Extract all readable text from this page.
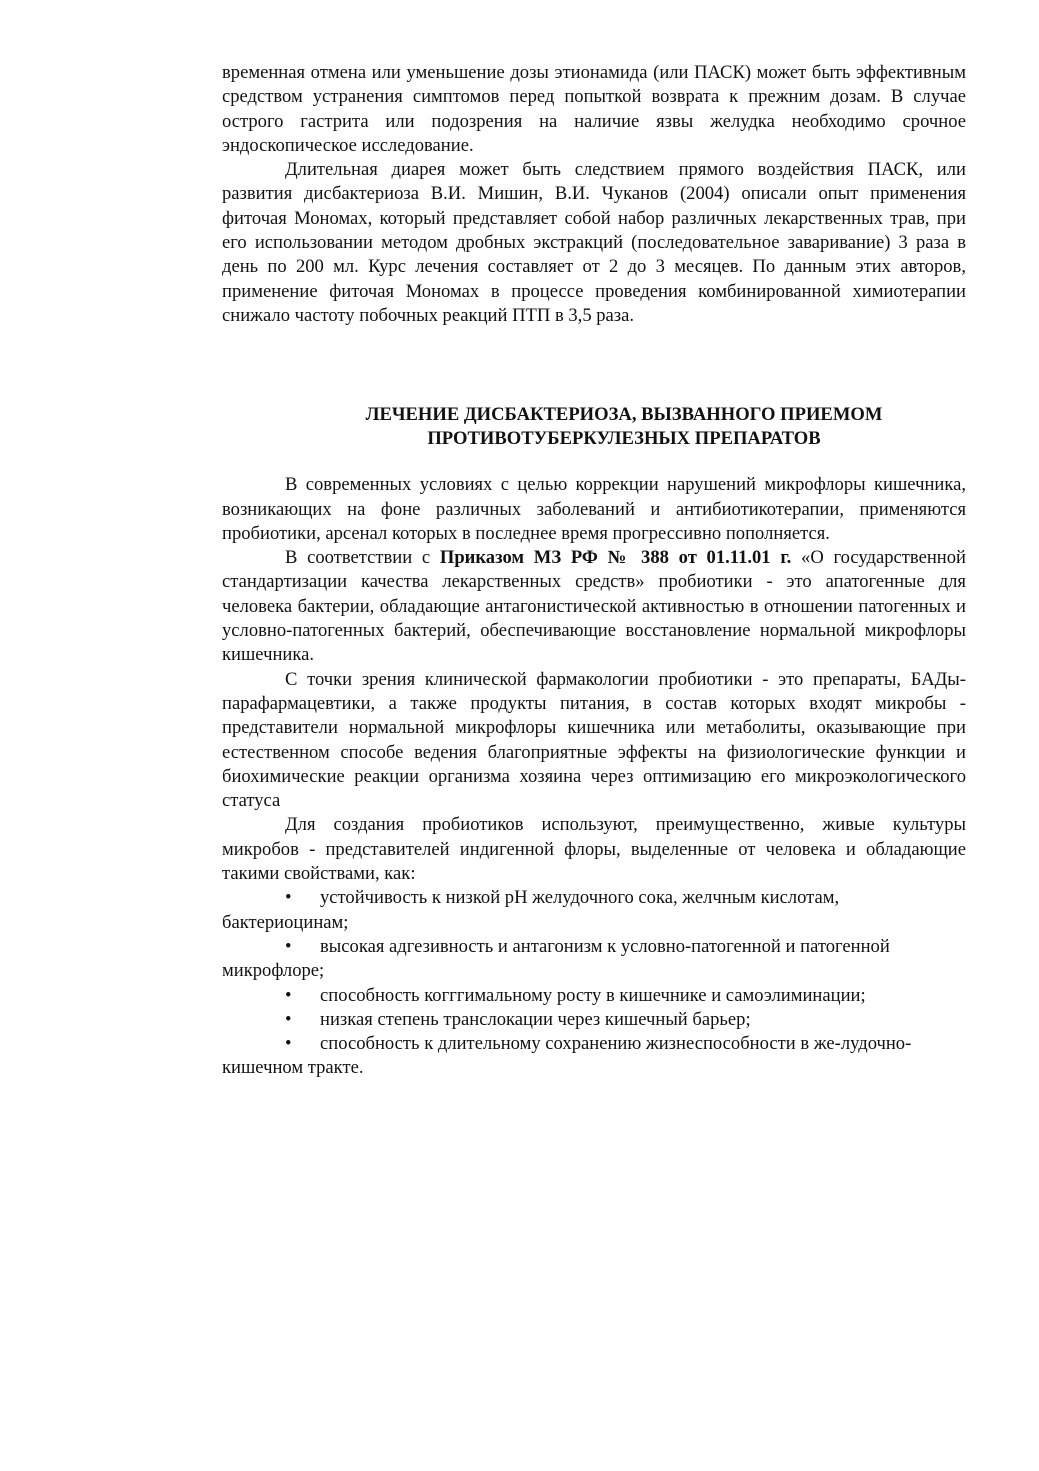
временная отмена или уменьшение дозы этионамида (или ПАСК) может быть эффективным средством устранения симптомов перед попыткой возврата к прежним дозам. В случае острого гастрита или подозрения на наличие язвы желудка необходимо срочное эндоскопическое исследование.

Длительная диарея может быть следствием прямого воздействия ПАСК, или развития дисбактериоза В.И. Мишин, В.И. Чуканов (2004) описали опыт применения фиточая Мономах, который представляет собой набор различных лекарственных трав, при его использовании методом дробных экстракций (последовательное заваривание) 3 раза в день по 200 мл. Курс лечения составляет от 2 до 3 месяцев. По данным этих авторов, применение фиточая Мономах в процессе проведения комбинированной химиотерапии снижало частоту побочных реакций ПТП в 3,5 раза.

ЛЕЧЕНИЕ ДИСБАКТЕРИОЗА, ВЫЗВАННОГО ПРИЕМОМ
ПРОТИВОТУБЕРКУЛЕЗНЫХ ПРЕПАРАТОВ

В современных условиях с целью коррекции нарушений микрофлоры кишечника, возникающих на фоне различных заболеваний и антибиотикотерапии, применяются пробиотики, арсенал которых в последнее время прогрессивно пополняется.

В соответствии с Приказом МЗ РФ № 388 от 01.11.01 г. «О государственной стандартизации качества лекарственных средств» пробиотики - это апатогенные для человека бактерии, обладающие антагонистической активностью в отношении патогенных и условно-патогенных бактерий, обеспечивающие восстановление нормальной микрофлоры кишечника.

С точки зрения клинической фармакологии пробиотики - это препараты, БАДы-парафармацевтики, а также продукты питания, в состав которых входят микробы - представители нормальной микрофлоры кишечника или метаболиты, оказывающие при естественном способе ведения благоприятные эффекты на физиологические функции и биохимические реакции организма хозяина через оптимизацию его микроэкологического статуса

Для создания пробиотиков используют, преимущественно, живые культуры микробов - представителей индигенной флоры, выделенные от человека и обладающие такими свойствами, как:

• устойчивость к низкой рН желудочного сока, желчным кислотам, бактериоцинам;
• высокая адгезивность и антагонизм к условно-патогенной и патогенной микрофлоре;
• способность когггимальному росту в кишечнике и самоэлиминации;
• низкая степень транслокации через кишечный барьер;
• способность к длительному сохранению жизнеспособности в же-лудочно-кишечном тракте.
